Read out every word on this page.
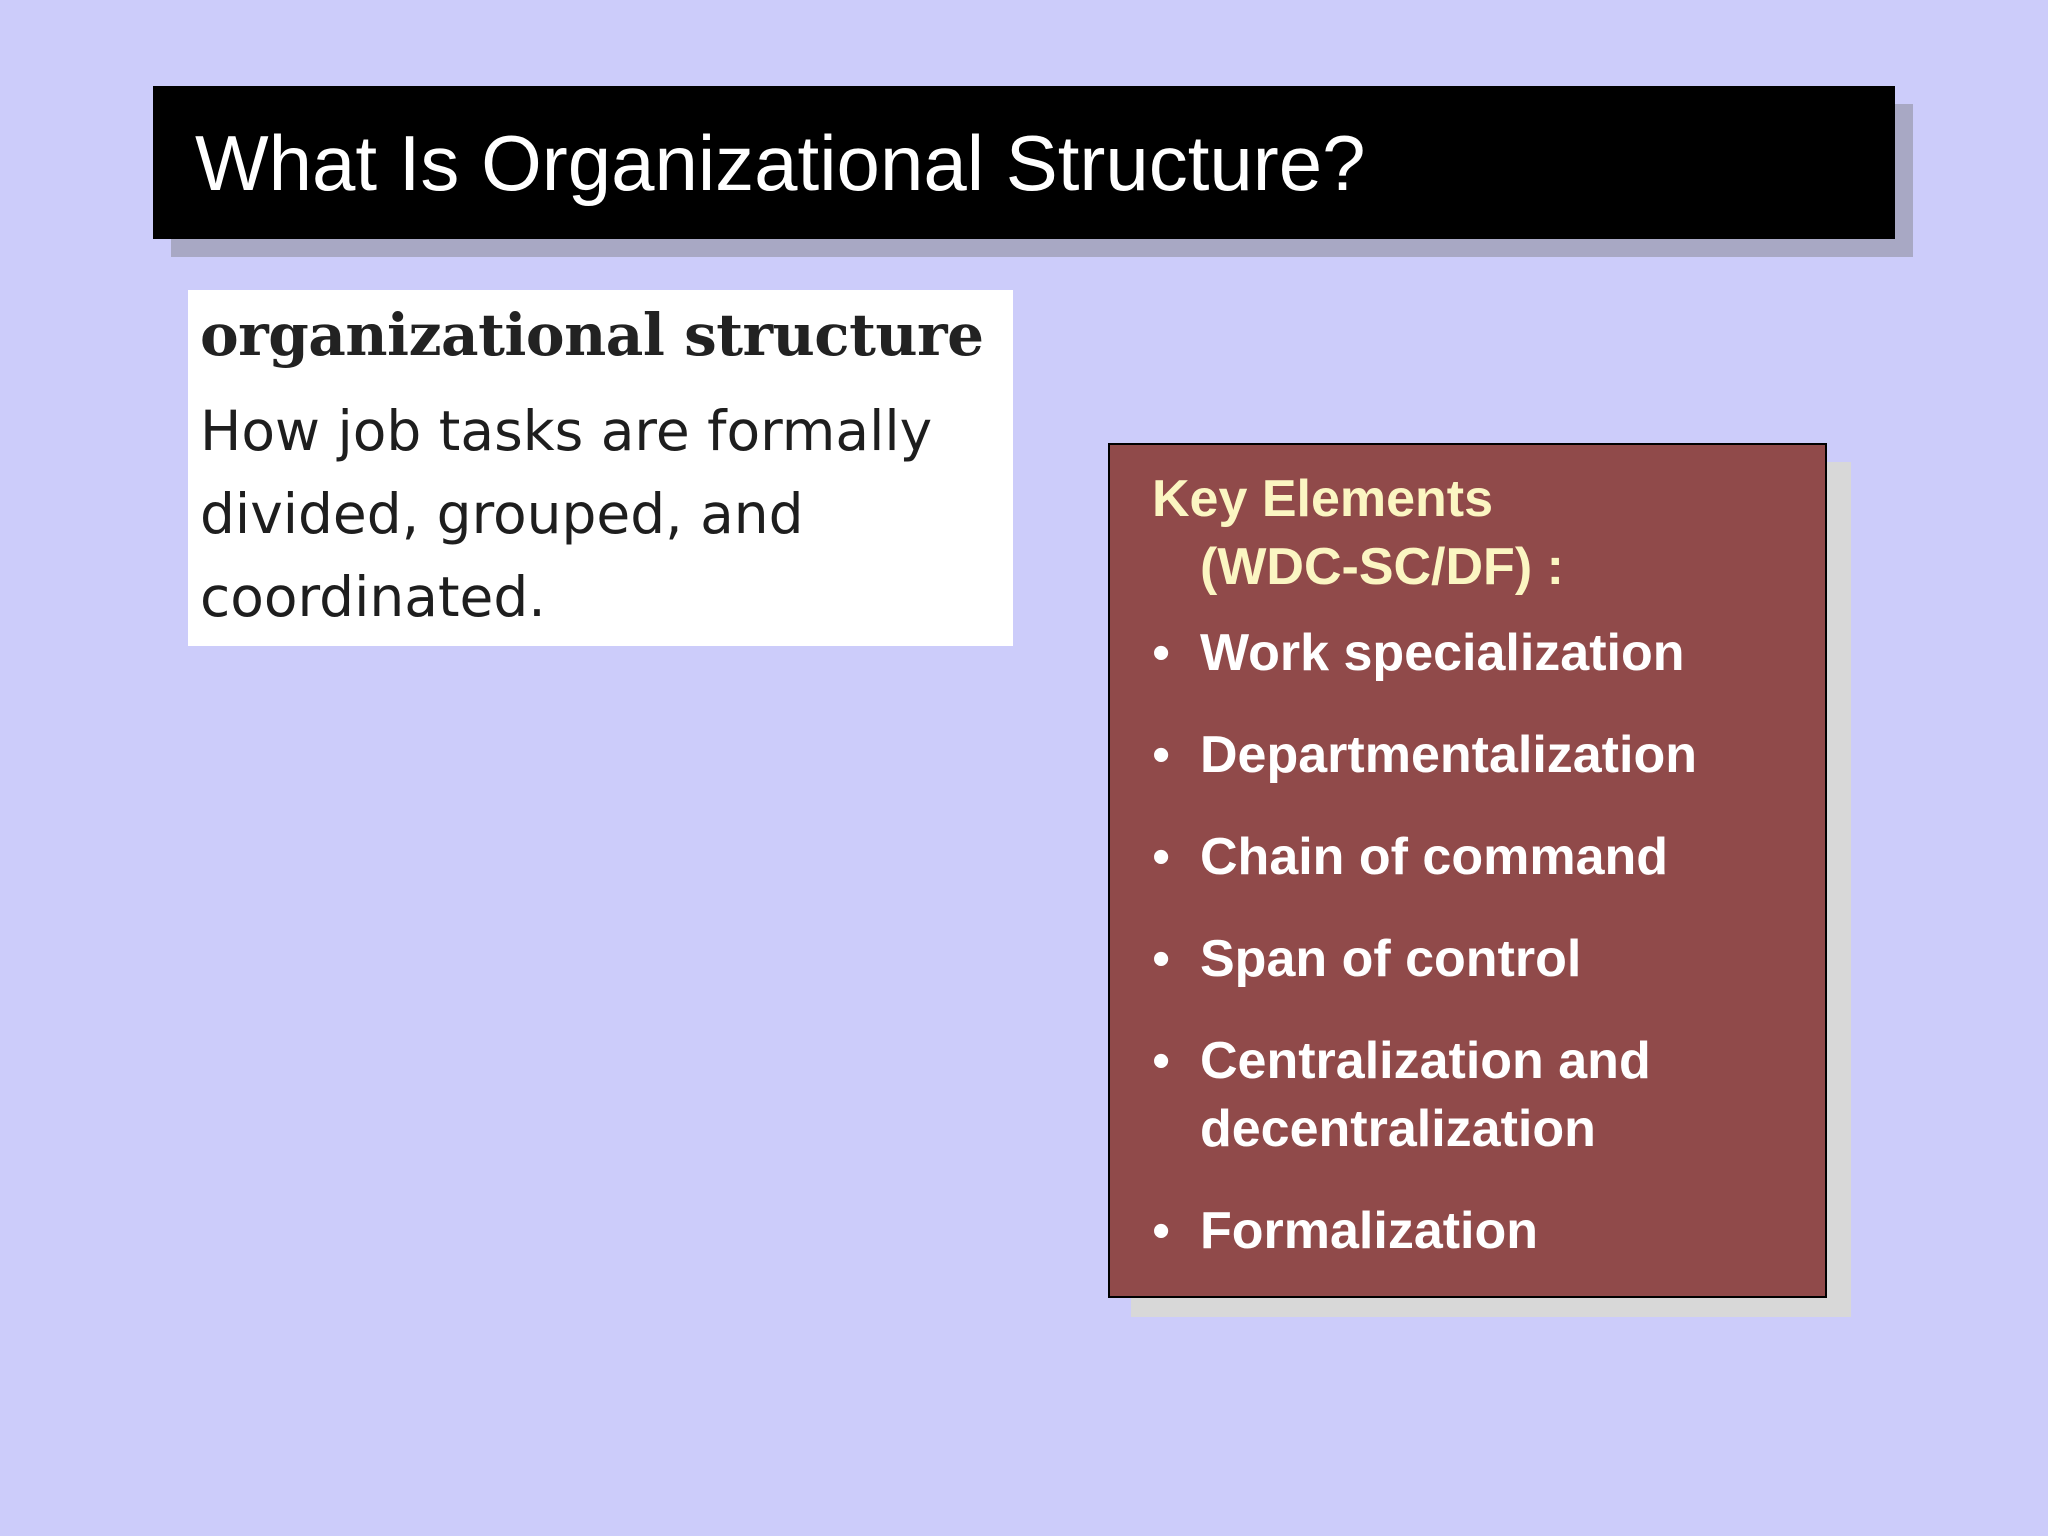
What Is Organizational Structure?
organizational structure
How job tasks are formally divided, grouped, and coordinated.
Key Elements
(WDC-SC/DF) :
• Work specialization
• Departmentalization
• Chain of command
• Span of control
• Centralization and decentralization
• Formalization
